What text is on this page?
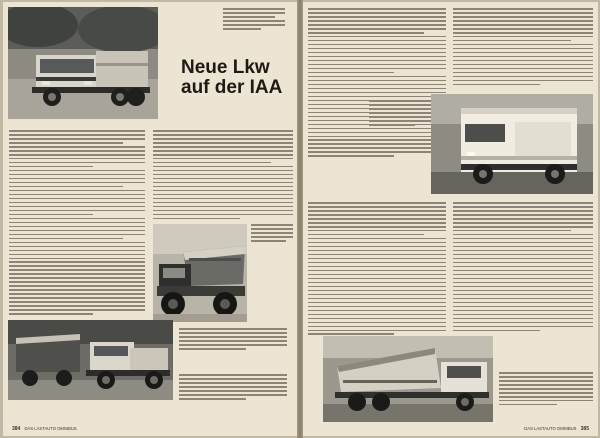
Neue Lkw
auf der IAA
384 DAS LASTAUTO OMNIBUS	DAS LASTAUTO OMNIBUS 385
